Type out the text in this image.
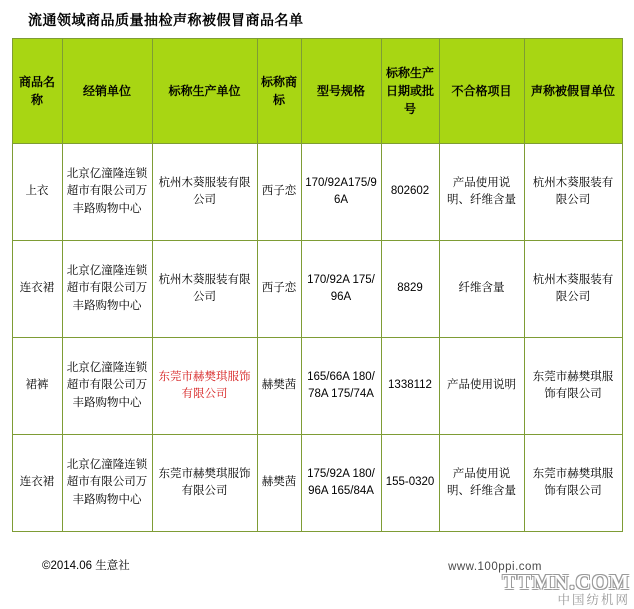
流通领域商品质量抽检声称被假冒商品名单
商品名称	经销单位	标称生产单位	标称商标	型号规格	标称生产日期或批号	不合格项目	声称被假冒单位
上衣	北京亿潼隆连锁超市有限公司万丰路购物中心	杭州木葵服装有限公司	西子恋	170/92A175/96A	802602	产品使用说明、纤维含量	杭州木葵服装有限公司
连衣裙	北京亿潼隆连锁超市有限公司万丰路购物中心	杭州木葵服装有限公司	西子恋	170/92A 175/96A	8829	纤维含量	杭州木葵服装有限公司
裙裤	北京亿潼隆连锁超市有限公司万丰路购物中心	东莞市赫樊琪服饰有限公司	赫樊茜	165/66A 180/78A 175/74A	1338112	产品使用说明	东莞市赫樊琪服饰有限公司
连衣裙	北京亿潼隆连锁超市有限公司万丰路购物中心	东莞市赫樊琪服饰有限公司	赫樊茜	175/92A 180/96A 165/84A	155-0320	产品使用说明、纤维含量	东莞市赫樊琪服饰有限公司
©2014.06 生意社	www.100ppi.com
TTMN.COM
中国纺机网
